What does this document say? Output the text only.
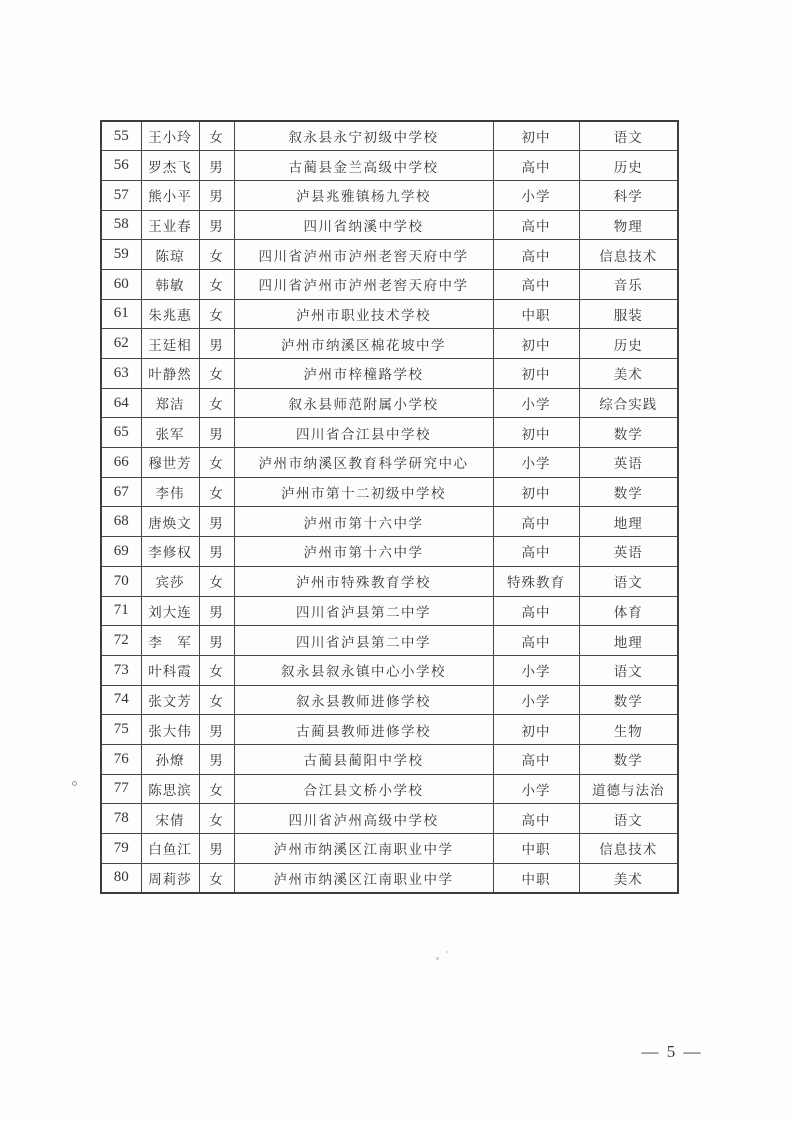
55	王小玲	女	叙永县永宁初级中学校	初中	语文
56	罗杰飞	男	古蔺县金兰高级中学校	高中	历史
57	熊小平	男	泸县兆雅镇杨九学校	小学	科学
58	王业春	男	四川省纳溪中学校	高中	物理
59	陈琼	女	四川省泸州市泸州老窖天府中学	高中	信息技术
60	韩敏	女	四川省泸州市泸州老窖天府中学	高中	音乐
61	朱兆惠	女	泸州市职业技术学校	中职	服装
62	王廷相	男	泸州市纳溪区棉花坡中学	初中	历史
63	叶静然	女	泸州市梓橦路学校	初中	美术
64	郑洁	女	叙永县师范附属小学校	小学	综合实践
65	张军	男	四川省合江县中学校	初中	数学
66	穆世芳	女	泸州市纳溪区教育科学研究中心	小学	英语
67	李伟	女	泸州市第十二初级中学校	初中	数学
68	唐焕文	男	泸州市第十六中学	高中	地理
69	李修权	男	泸州市第十六中学	高中	英语
70	宾莎	女	泸州市特殊教育学校	特殊教育	语文
71	刘大连	男	四川省泸县第二中学	高中	体育
72	李　军	男	四川省泸县第二中学	高中	地理
73	叶科霞	女	叙永县叙永镇中心小学校	小学	语文
74	张文芳	女	叙永县教师进修学校	小学	数学
75	张大伟	男	古蔺县教师进修学校	初中	生物
76	孙燎	男	古蔺县蔺阳中学校	高中	数学
77	陈思滨	女	合江县文桥小学校	小学	道德与法治
78	宋倩	女	四川省泸州高级中学校	高中	语文
79	白鱼江	男	泸州市纳溪区江南职业中学	中职	信息技术
80	周莉莎	女	泸州市纳溪区江南职业中学	中职	美术
— 5 —
